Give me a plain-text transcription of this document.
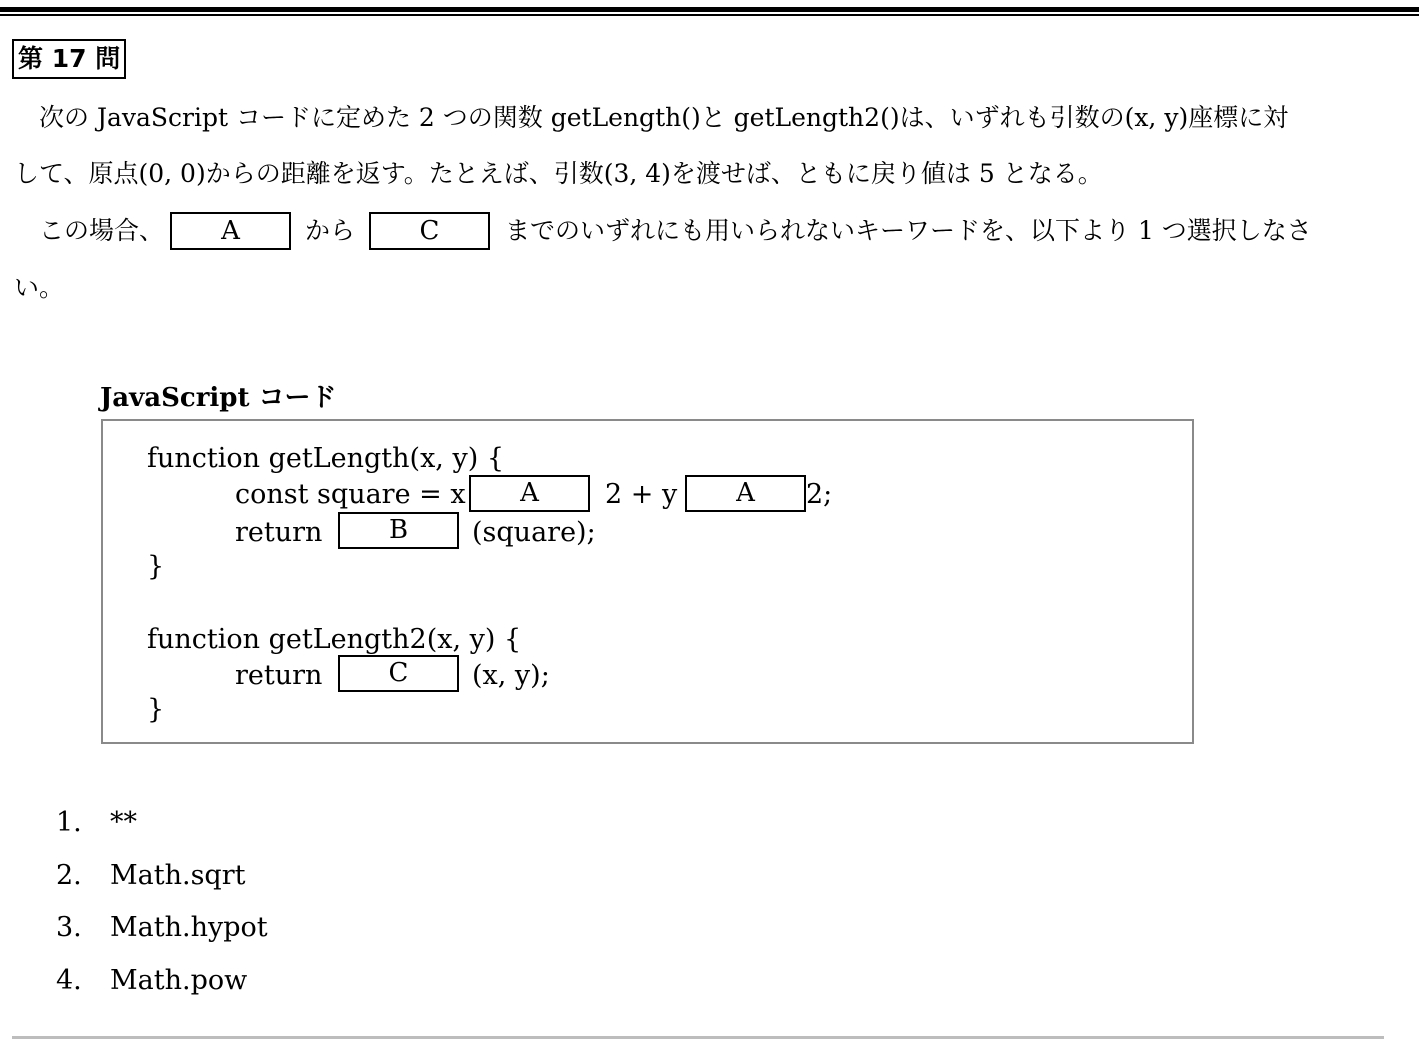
第 17 問
　次の JavaScript コードに定めた 2 つの関数 getLength()と getLength2()は、いずれも引数の(x, y)座標に対
して、原点(0, 0)からの距離を返す。たとえば、引数(3, 4)を渡せば、ともに戻り値は 5 となる。
　この場合、	A	から	C	までのいずれにも用いられないキーワードを、以下より 1 つ選択しなさ
い。
JavaScript コード
function getLength(x, y) {
const square = x	A	2 + y	A	2;
return	B	(square);
}
function getLength2(x, y) {
return	C	(x, y);
}
1. **
2. Math.sqrt
3. Math.hypot
4. Math.pow
